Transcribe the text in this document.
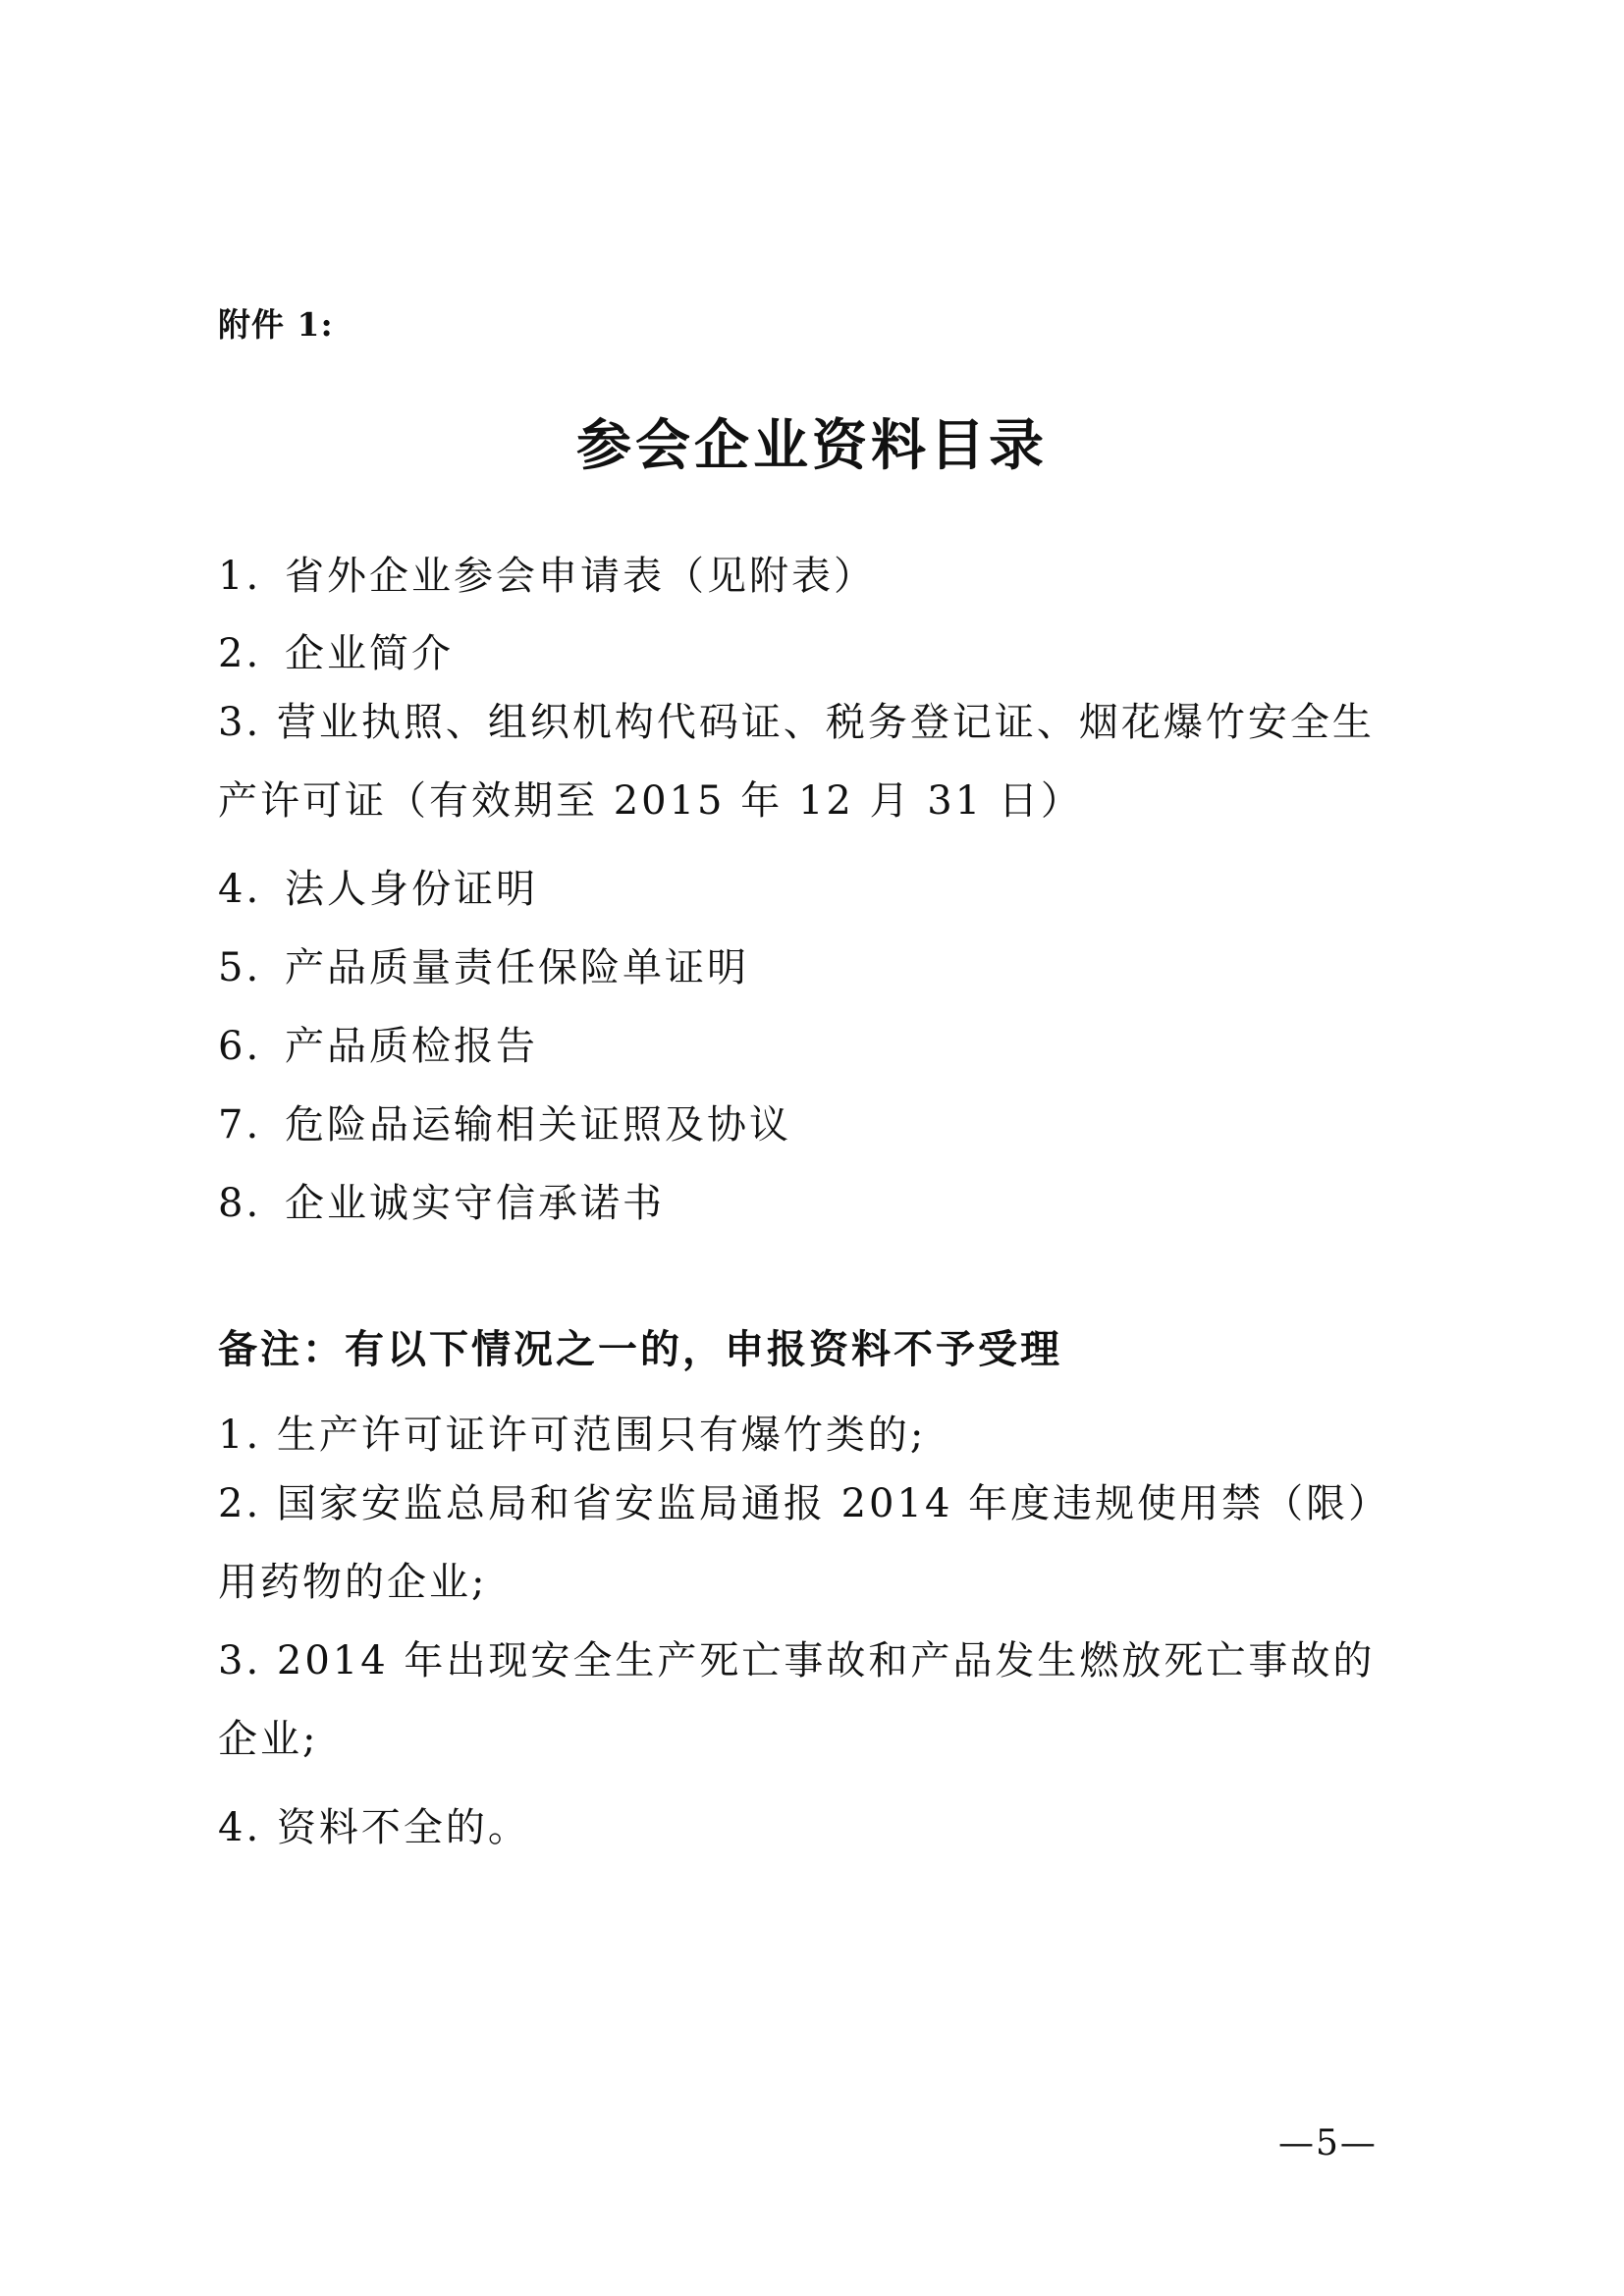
附件 1:
参会企业资料目录
1. 省外企业参会申请表（见附表）
2. 企业简介
3. 营业执照、组织机构代码证、税务登记证、烟花爆竹安全生产许可证（有效期至 2015 年 12 月 31 日）
4. 法人身份证明
5. 产品质量责任保险单证明
6. 产品质检报告
7. 危险品运输相关证照及协议
8. 企业诚实守信承诺书
备注：有以下情况之一的，申报资料不予受理
1. 生产许可证许可范围只有爆竹类的;
2. 国家安监总局和省安监局通报 2014 年度违规使用禁（限）用药物的企业;
3. 2014 年出现安全生产死亡事故和产品发生燃放死亡事故的企业;
4. 资料不全的。
—5—
